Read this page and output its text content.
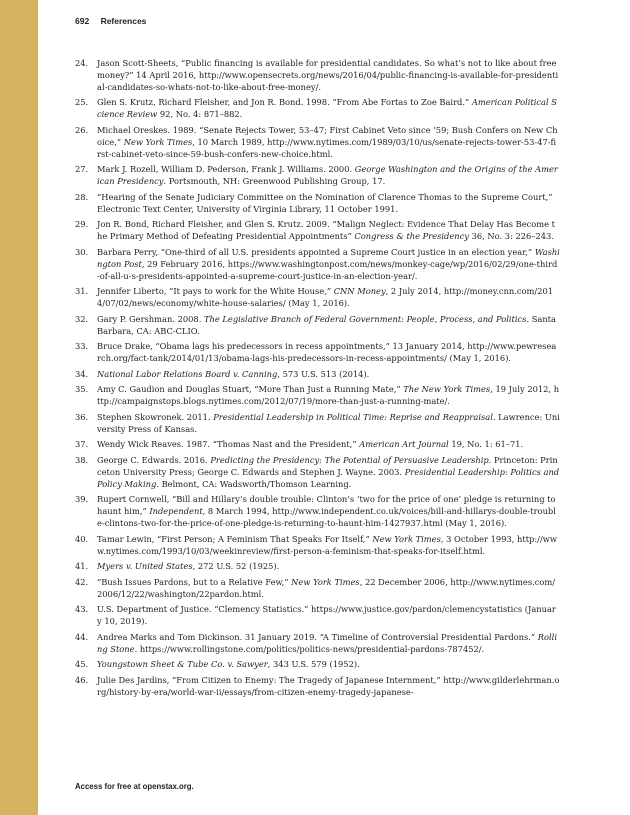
692 References
24.	Jason Scott-Sheets, “Public financing is available for presidential candidates. So what’s not to like about free money?” 14 April 2016, http://www.opensecrets.org/news/2016/04/public-financing-is-available-for-presidential-candidates-so-whats-not-to-like-about-free-money/.
25.	Glen S. Krutz, Richard Fleisher, and Jon R. Bond. 1998. “From Abe Fortas to Zoe Baird.” American Political Science Review 92, No. 4: 871–882.
26.	Michael Oreskes. 1989. “Senate Rejects Tower, 53–47; First Cabinet Veto since ’59; Bush Confers on New Choice,” New York Times, 10 March 1989, http://www.nytimes.com/1989/03/10/us/senate-rejects-tower-53-47-first-cabinet-veto-since-59-bush-confers-new-choice.html.
27.	Mark J. Rozell, William D. Pederson, Frank J. Williams. 2000. George Washington and the Origins of the American Presidency. Portsmouth, NH: Greenwood Publishing Group, 17.
28.	“Hearing of the Senate Judiciary Committee on the Nomination of Clarence Thomas to the Supreme Court,” Electronic Text Center, University of Virginia Library, 11 October 1991.
29.	Jon R. Bond, Richard Fleisher, and Glen S. Krutz. 2009. “Malign Neglect: Evidence That Delay Has Become the Primary Method of Defeating Presidential Appointments” Congress & the Presidency 36, No. 3: 226–243.
30.	Barbara Perry, “One-third of all U.S. presidents appointed a Supreme Court justice in an election year,” Washington Post, 29 February 2016, https://www.washingtonpost.com/news/monkey-cage/wp/2016/02/29/one-third-of-all-u-s-presidents-appointed-a-supreme-court-justice-in-an-election-year/.
31.	Jennifer Liberto, “It pays to work for the White House,” CNN Money, 2 July 2014, http://money.cnn.com/2014/07/02/news/economy/white-house-salaries/ (May 1, 2016).
32.	Gary P. Gershman. 2008. The Legislative Branch of Federal Government: People, Process, and Politics. Santa Barbara, CA: ABC-CLIO.
33.	Bruce Drake, “Obama lags his predecessors in recess appointments,” 13 January 2014, http://www.pewresearch.org/fact-tank/2014/01/13/obama-lags-his-predecessors-in-recess-appointments/ (May 1, 2016).
34.	National Labor Relations Board v. Canning, 573 U.S. 513 (2014).
35.	Amy C. Gaudion and Douglas Stuart, “More Than Just a Running Mate,” The New York Times, 19 July 2012, http://campaignstops.blogs.nytimes.com/2012/07/19/more-than-just-a-running-mate/.
36.	Stephen Skowronek. 2011. Presidential Leadership in Political Time: Reprise and Reappraisal. Lawrence: University Press of Kansas.
37.	Wendy Wick Reaves. 1987. “Thomas Nast and the President,” American Art Journal 19, No. 1: 61–71.
38.	George C. Edwards. 2016. Predicting the Presidency: The Potential of Persuasive Leadership. Princeton: Princeton University Press; George C. Edwards and Stephen J. Wayne. 2003. Presidential Leadership: Politics and Policy Making. Belmont, CA: Wadsworth/Thomson Learning.
39.	Rupert Cornwell, “Bill and Hillary’s double trouble: Clinton’s ’two for the price of one’ pledge is returning to haunt him,” Independent, 8 March 1994, http://www.independent.co.uk/voices/bill-and-hillarys-double-trouble-clintons-two-for-the-price-of-one-pledge-is-returning-to-haunt-him-1427937.html (May 1, 2016).
40.	Tamar Lewin, “First Person; A Feminism That Speaks For Itself,” New York Times, 3 October 1993, http://www.nytimes.com/1993/10/03/weekinreview/first-person-a-feminism-that-speaks-for-itself.html.
41.	Myers v. United States, 272 U.S. 52 (1925).
42.	“Bush Issues Pardons, but to a Relative Few,” New York Times, 22 December 2006, http://www.nytimes.com/2006/12/22/washington/22pardon.html.
43.	U.S. Department of Justice. “Clemency Statistics.” https://www.justice.gov/pardon/clemencystatistics (January 10, 2019).
44.	Andrea Marks and Tom Dickinson. 31 January 2019. “A Timeline of Controversial Presidential Pardons.” Rolling Stone. https://www.rollingstone.com/politics/politics-news/presidential-pardons-787452/.
45.	Youngstown Sheet & Tube Co. v. Sawyer, 343 U.S. 579 (1952).
46.	Julie Des Jardins, “From Citizen to Enemy: The Tragedy of Japanese Internment,” http://www.gilderlehrman.org/history-by-era/world-war-ii/essays/from-citizen-enemy-tragedy-japanese-
Access for free at openstax.org.
